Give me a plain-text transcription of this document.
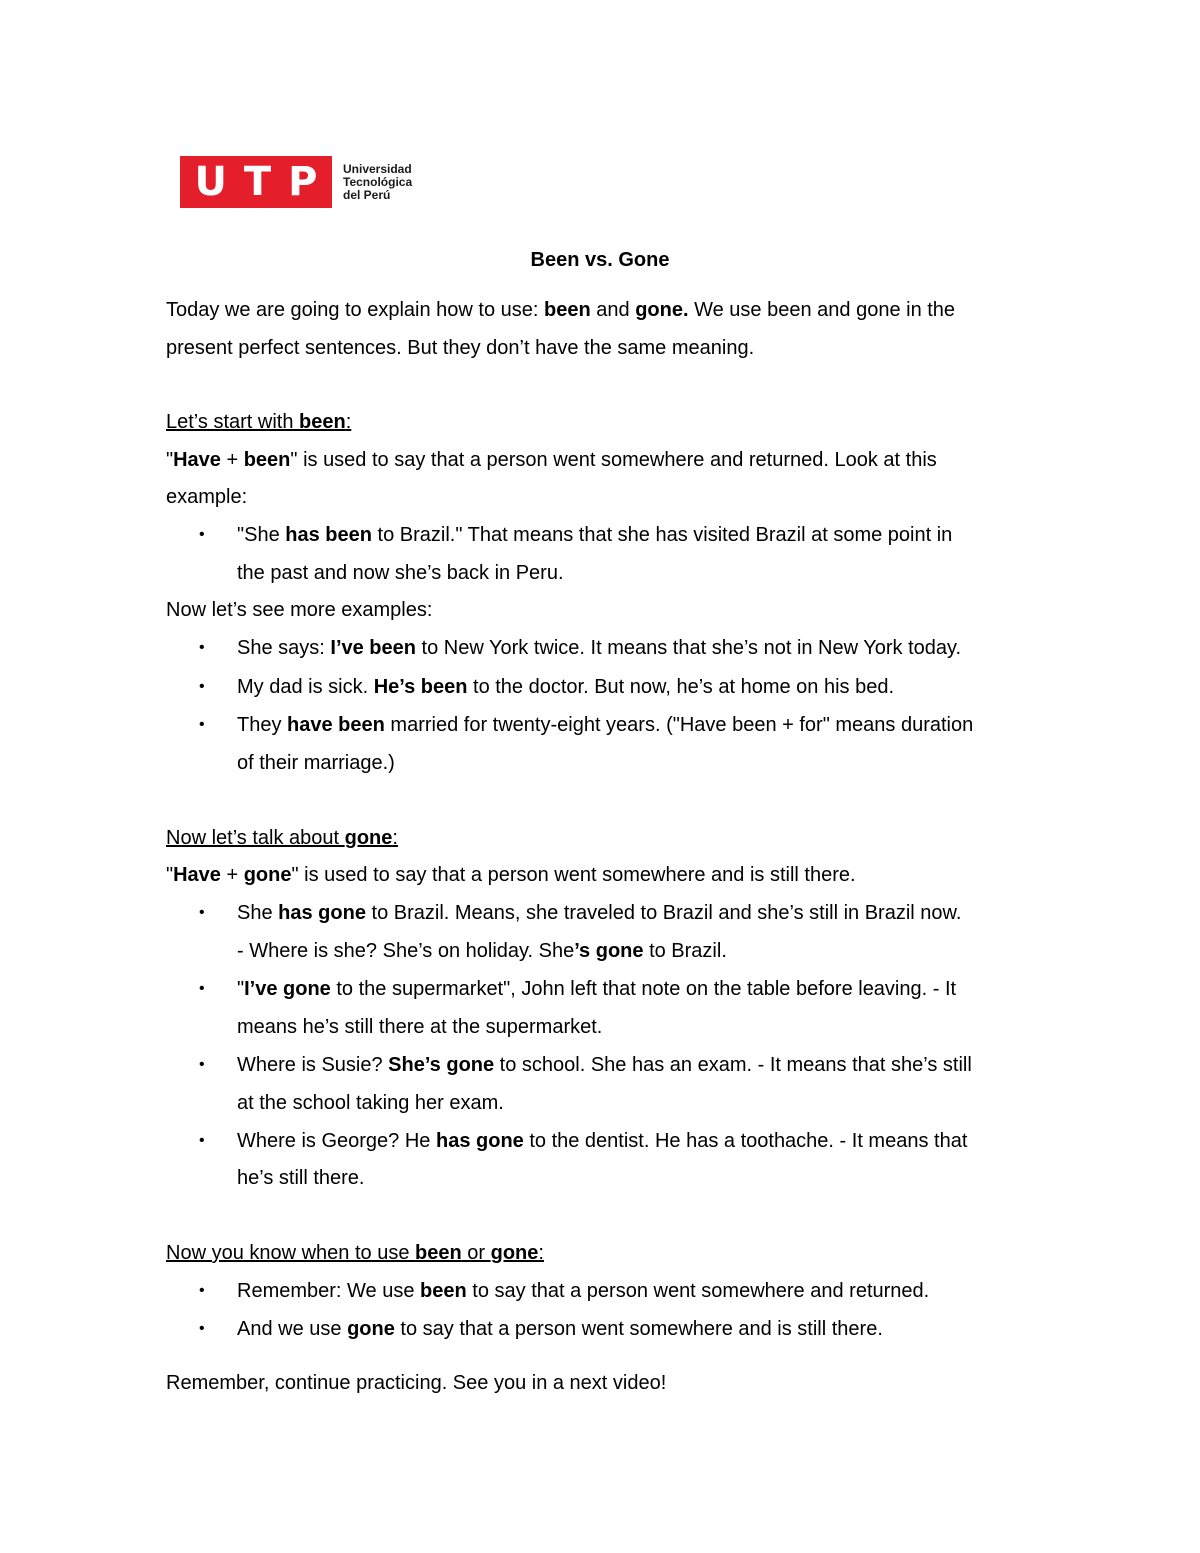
U T P Universidad
Tecnológica
del Perú
Been vs. Gone
Today we are going to explain how to use: been and gone. We use been and gone in the
present perfect sentences. But they don’t have the same meaning.
Let’s start with been:
"Have + been" is used to say that a person went somewhere and returned. Look at this
example:
•	"She has been to Brazil." That means that she has visited Brazil at some point in
the past and now she’s back in Peru.
Now let’s see more examples:
•	She says: I’ve been to New York twice. It means that she’s not in New York today.
•	My dad is sick. He’s been to the doctor. But now, he’s at home on his bed.
•	They have been married for twenty-eight years. ("Have been + for" means duration
of their marriage.)
Now let’s talk about gone:
"Have + gone" is used to say that a person went somewhere and is still there.
•	She has gone to Brazil. Means, she traveled to Brazil and she’s still in Brazil now.
- Where is she? She’s on holiday. She’s gone to Brazil.
•	"I’ve gone to the supermarket", John left that note on the table before leaving. - It
means he’s still there at the supermarket.
•	Where is Susie? She’s gone to school. She has an exam. - It means that she’s still
at the school taking her exam.
•	Where is George? He has gone to the dentist. He has a toothache. - It means that
he’s still there.
Now you know when to use been or gone:
•	Remember: We use been to say that a person went somewhere and returned.
•	And we use gone to say that a person went somewhere and is still there.
Remember, continue practicing. See you in a next video!
